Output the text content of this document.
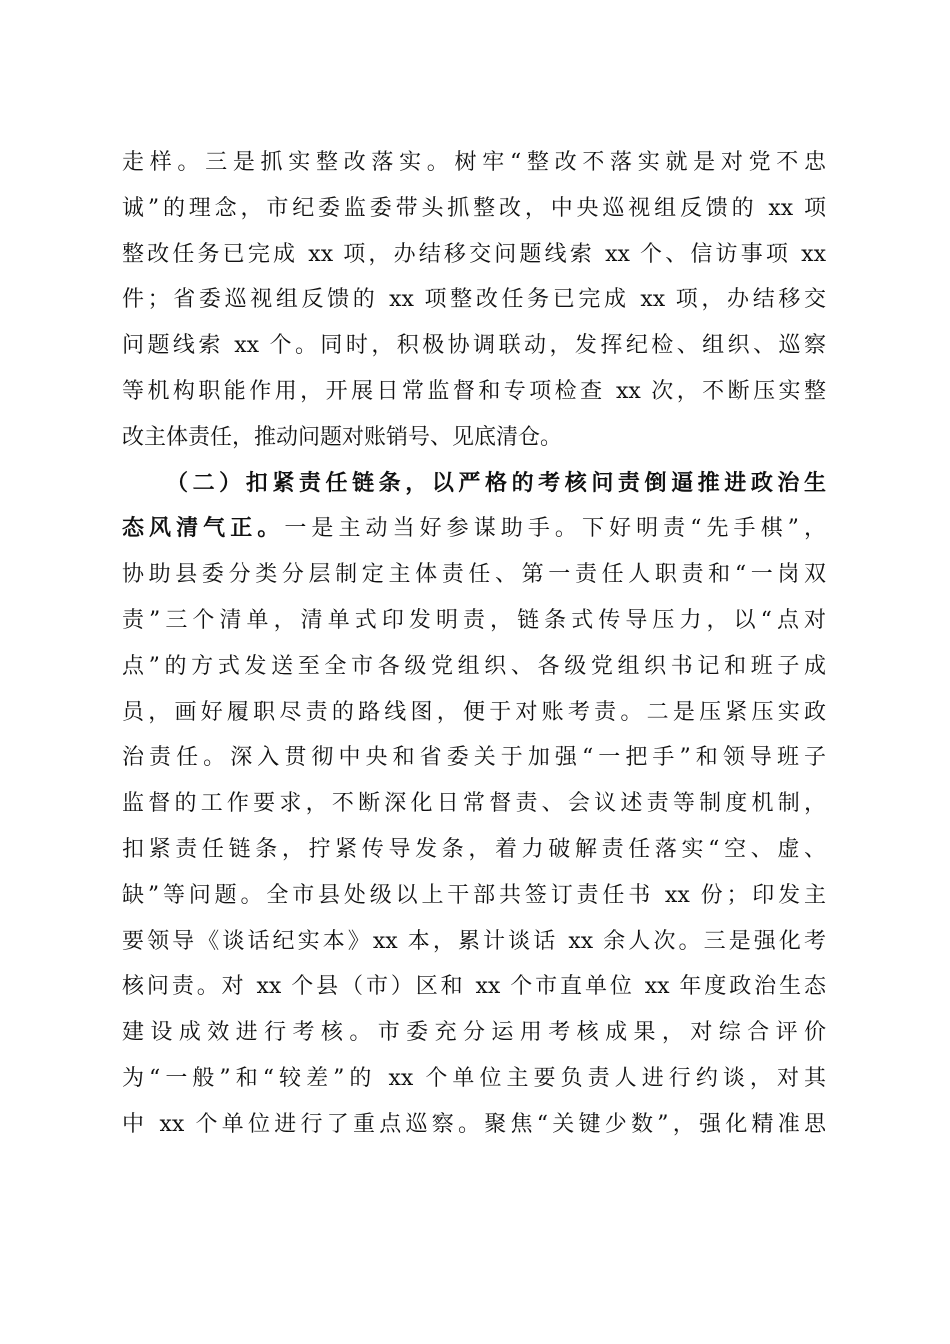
走样。三是抓实整改落实。树牢“整改不落实就是对党不忠
诚”的理念，市纪委监委带头抓整改，中央巡视组反馈的 xx 项
整改任务已完成 xx 项，办结移交问题线索 xx 个、信访事项 xx
件；省委巡视组反馈的 xx 项整改任务已完成 xx 项，办结移交
问题线索 xx 个。同时，积极协调联动，发挥纪检、组织、巡察
等机构职能作用，开展日常监督和专项检查 xx 次，不断压实整
改主体责任，推动问题对账销号、见底清仓。
（二）扣紧责任链条，以严格的考核问责倒逼推进政治生
态风清气正。一是主动当好参谋助手。下好明责“先手棋”，
协助县委分类分层制定主体责任、第一责任人职责和“一岗双
责”三个清单，清单式印发明责，链条式传导压力，以“点对
点”的方式发送至全市各级党组织、各级党组织书记和班子成
员，画好履职尽责的路线图，便于对账考责。二是压紧压实政
治责任。深入贯彻中央和省委关于加强“一把手”和领导班子
监督的工作要求，不断深化日常督责、会议述责等制度机制，
扣紧责任链条，拧紧传导发条，着力破解责任落实“空、虚、
缺”等问题。全市县处级以上干部共签订责任书 xx 份；印发主
要领导《谈话纪实本》xx 本，累计谈话 xx 余人次。三是强化考
核问责。对 xx 个县（市）区和 xx 个市直单位 xx 年度政治生态
建设成效进行考核。市委充分运用考核成果，对综合评价
为“一般”和“较差”的 xx 个单位主要负责人进行约谈，对其
中 xx 个单位进行了重点巡察。聚焦“关键少数”，强化精准思
